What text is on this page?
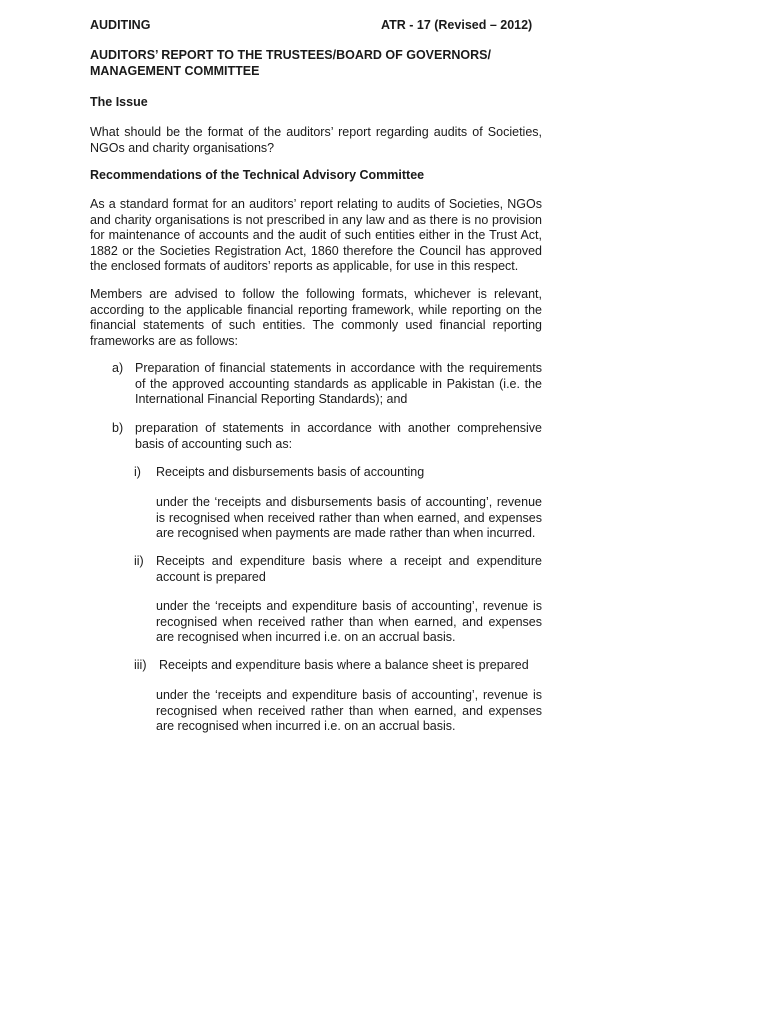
AUDITING	ATR - 17 (Revised – 2012)
AUDITORS’ REPORT TO THE TRUSTEES/BOARD OF GOVERNORS/ MANAGEMENT COMMITTEE
The Issue
What should be the format of the auditors’ report regarding audits of Societies, NGOs and charity organisations?
Recommendations of the Technical Advisory Committee
As a standard format for an auditors’ report relating to audits of Societies, NGOs and charity organisations is not prescribed in any law and as there is no provision for maintenance of accounts and the audit of such entities either in the Trust Act, 1882 or the Societies Registration Act, 1860 therefore the Council has approved the enclosed formats of auditors’ reports as applicable, for use in this respect.
Members are advised to follow the following formats, whichever is relevant, according to the applicable financial reporting framework, while reporting on the financial statements of such entities. The commonly used financial reporting frameworks are as follows:
a) Preparation of financial statements in accordance with the requirements of the approved accounting standards as applicable in Pakistan (i.e. the International Financial Reporting Standards); and
b) preparation of statements in accordance with another comprehensive basis of accounting such as:
i) Receipts and disbursements basis of accounting
under the ‘receipts and disbursements basis of accounting’, revenue is recognised when received rather than when earned, and expenses are recognised when payments are made rather than when incurred.
ii) Receipts and expenditure basis where a receipt and expenditure account is prepared
under the ‘receipts and expenditure basis of accounting’, revenue is recognised when received rather than when earned, and expenses are recognised when incurred i.e. on an accrual basis.
iii) Receipts and expenditure basis where a balance sheet is prepared
under the ‘receipts and expenditure basis of accounting’, revenue is recognised when received rather than when earned, and expenses are recognised when incurred i.e. on an accrual basis.
